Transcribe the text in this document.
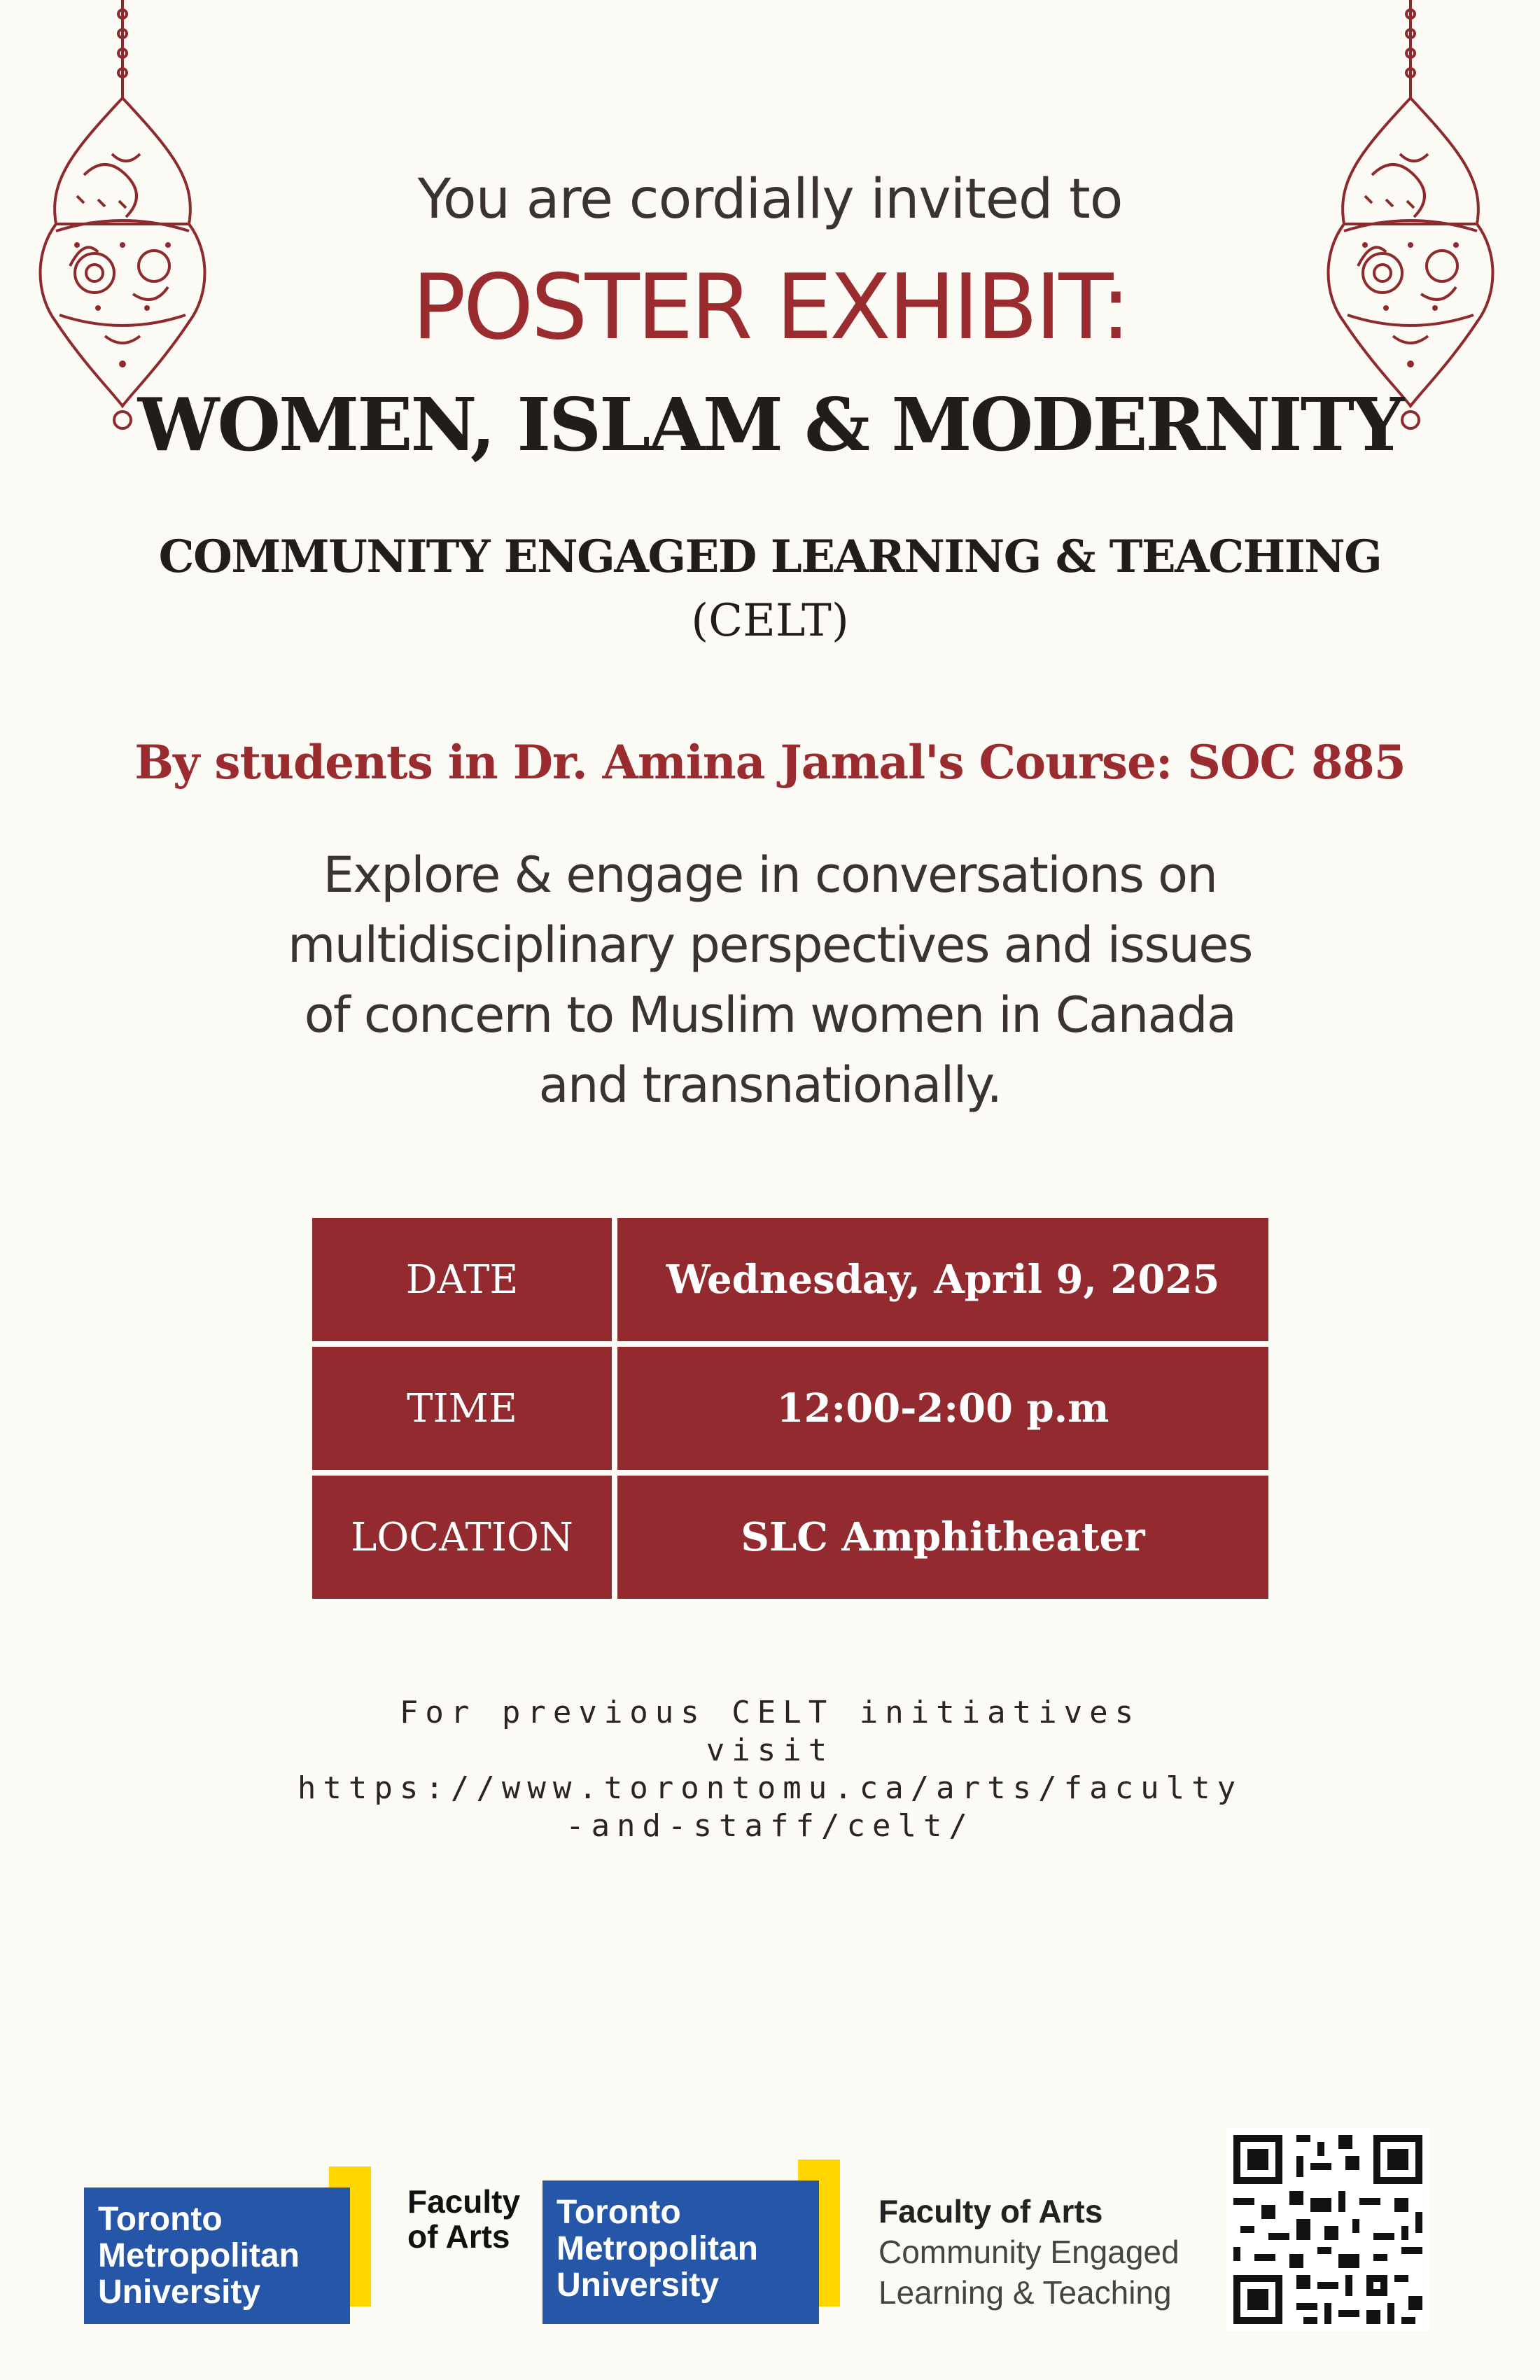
You are cordially invited to
POSTER EXHIBIT:
WOMEN, ISLAM & MODERNITY
COMMUNITY ENGAGED LEARNING & TEACHING
(CELT)
By students in Dr. Amina Jamal's Course: SOC 885
Explore & engage in conversations on
multidisciplinary perspectives and issues
of concern to Muslim women in Canada
and transnationally.
DATE	Wednesday, April 9, 2025
TIME	12:00-2:00 p.m
LOCATION	SLC Amphitheater
For previous CELT initiatives
visit
https://www.torontomu.ca/arts/faculty
-and-staff/celt/
Toronto
Metropolitan
University
Faculty
of Arts
Toronto
Metropolitan
University
Faculty of Arts
Community Engaged
Learning & Teaching
